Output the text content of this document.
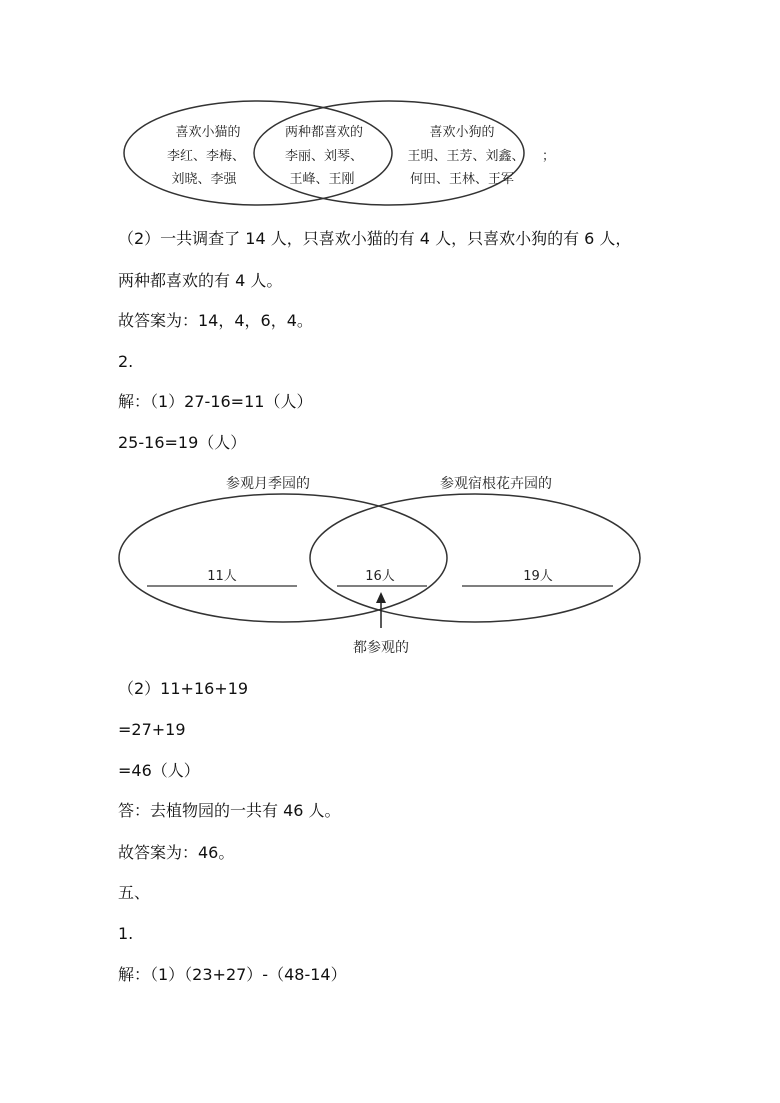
喜欢小猫的
李红、李梅、
刘晓、李强
两种都喜欢的
李丽、刘琴、
王峰、王刚
喜欢小狗的
王明、王芳、刘鑫、
何田、王林、王军
；
（2）一共调查了 14 人，只喜欢小猫的有 4 人，只喜欢小狗的有 6 人，
两种都喜欢的有 4 人。
故答案为：14，4，6，4。
2.
解：（1）27-16=11（人）
25-16=19（人）
参观月季园的	参观宿根花卉园的
11人	16人	19人
都参观的
（2）11+16+19
=27+19
=46（人）
答：去植物园的一共有 46 人。
故答案为：46。
五、
1.
解：（1）（23+27）-（48-14）
